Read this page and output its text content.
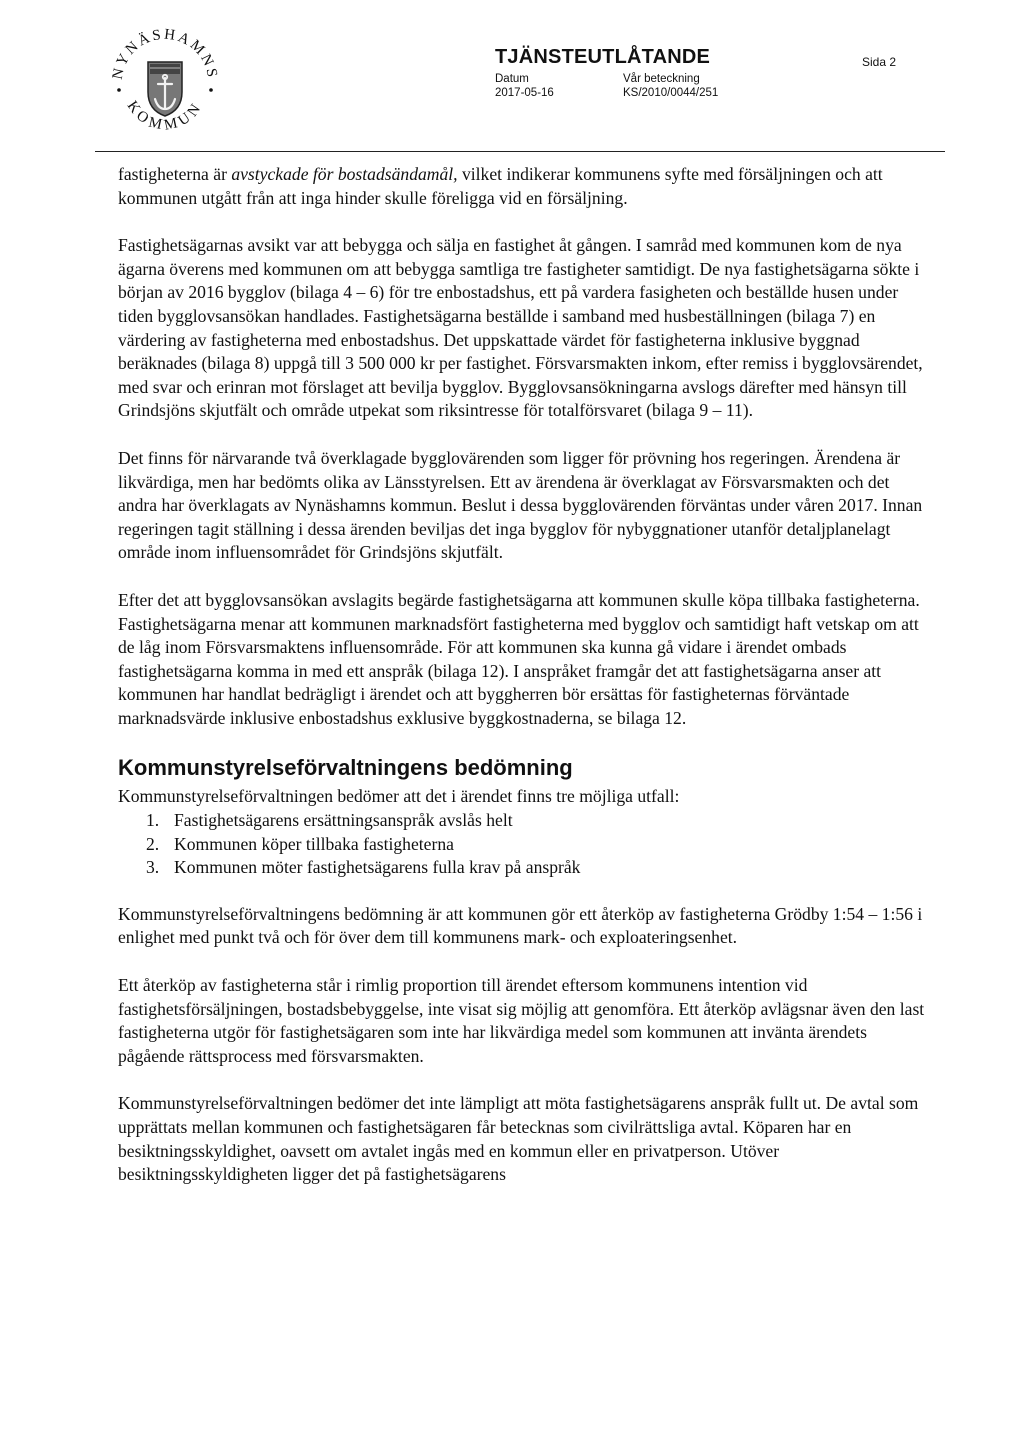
NYNÄSHAMNS
KOMMUN
TJÄNSTEUTLÅTANDE	Sida 2
Datum	Vår beteckning
2017-05-16	KS/2010/0044/251

fastigheterna är avstyckade för bostadsändamål, vilket indikerar kommunens syfte med försäljningen och att kommunen utgått från att inga hinder skulle föreligga vid en försäljning.

Fastighetsägarnas avsikt var att bebygga och sälja en fastighet åt gången. I samråd med kommunen kom de nya ägarna överens med kommunen om att bebygga samtliga tre fastigheter samtidigt. De nya fastighetsägarna sökte i början av 2016 bygglov (bilaga 4 – 6) för tre enbostadshus, ett på vardera fasigheten och beställde husen under tiden bygglovsansökan handlades. Fastighetsägarna beställde i samband med husbeställningen (bilaga 7) en värdering av fastigheterna med enbostadshus. Det uppskattade värdet för fastigheterna inklusive byggnad beräknades (bilaga 8) uppgå till 3 500 000 kr per fastighet. Försvarsmakten inkom, efter remiss i bygglovsärendet, med svar och erinran mot förslaget att bevilja bygglov. Bygglovsansökningarna avslogs därefter med hänsyn till Grindsjöns skjutfält och område utpekat som riksintresse för totalförsvaret (bilaga 9 – 11).

Det finns för närvarande två överklagade bygglovärenden som ligger för prövning hos regeringen. Ärendena är likvärdiga, men har bedömts olika av Länsstyrelsen. Ett av ärendena är överklagat av Försvarsmakten och det andra har överklagats av Nynäshamns kommun. Beslut i dessa bygglovärenden förväntas under våren 2017. Innan regeringen tagit ställning i dessa ärenden beviljas det inga bygglov för nybyggnationer utanför detaljplanelagt område inom influensområdet för Grindsjöns skjutfält.

Efter det att bygglovsansökan avslagits begärde fastighetsägarna att kommunen skulle köpa tillbaka fastigheterna. Fastighetsägarna menar att kommunen marknadsfört fastigheterna med bygglov och samtidigt haft vetskap om att de låg inom Försvarsmaktens influensområde. För att kommunen ska kunna gå vidare i ärendet ombads fastighetsägarna komma in med ett anspråk (bilaga 12). I anspråket framgår det att fastighetsägarna anser att kommunen har handlat bedrägligt i ärendet och att byggherren bör ersättas för fastigheternas förväntade marknadsvärde inklusive enbostadshus exklusive byggkostnaderna, se bilaga 12.

Kommunstyrelseförvaltningens bedömning

Kommunstyrelseförvaltningen bedömer att det i ärendet finns tre möjliga utfall:

1. Fastighetsägarens ersättningsanspråk avslås helt
2. Kommunen köper tillbaka fastigheterna
3. Kommunen möter fastighetsägarens fulla krav på anspråk

Kommunstyrelseförvaltningens bedömning är att kommunen gör ett återköp av fastigheterna Grödby 1:54 – 1:56 i enlighet med punkt två och för över dem till kommunens mark- och exploateringsenhet.

Ett återköp av fastigheterna står i rimlig proportion till ärendet eftersom kommunens intention vid fastighetsförsäljningen, bostadsbebyggelse, inte visat sig möjlig att genomföra. Ett återköp avlägsnar även den last fastigheterna utgör för fastighetsägaren som inte har likvärdiga medel som kommunen att invänta ärendets pågående rättsprocess med försvarsmakten.

Kommunstyrelseförvaltningen bedömer det inte lämpligt att möta fastighetsägarens anspråk fullt ut. De avtal som upprättats mellan kommunen och fastighetsägaren får betecknas som civilrättsliga avtal. Köparen har en besiktningsskyldighet, oavsett om avtalet ingås med en kommun eller en privatperson. Utöver besiktningsskyldigheten ligger det på fastighetsägarens
